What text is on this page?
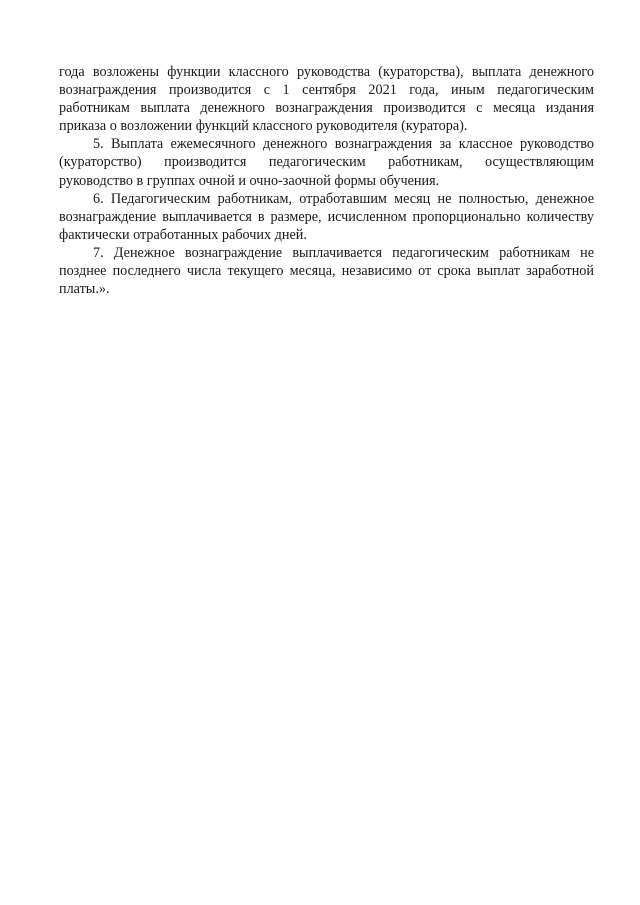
года возложены функции классного руководства (кураторства), выплата денежного вознаграждения производится с 1 сентября 2021 года, иным педагогическим работникам выплата денежного вознаграждения производится с месяца издания приказа о возложении функций классного руководителя (куратора).

5. Выплата ежемесячного денежного вознаграждения за классное руководство (кураторство) производится педагогическим работникам, осуществляющим руководство в группах очной и очно-заочной формы обучения.

6. Педагогическим работникам, отработавшим месяц не полностью, денежное вознаграждение выплачивается в размере, исчисленном пропорционально количеству фактически отработанных рабочих дней.

7. Денежное вознаграждение выплачивается педагогическим работникам не позднее последнего числа текущего месяца, независимо от срока выплат заработной платы.».
